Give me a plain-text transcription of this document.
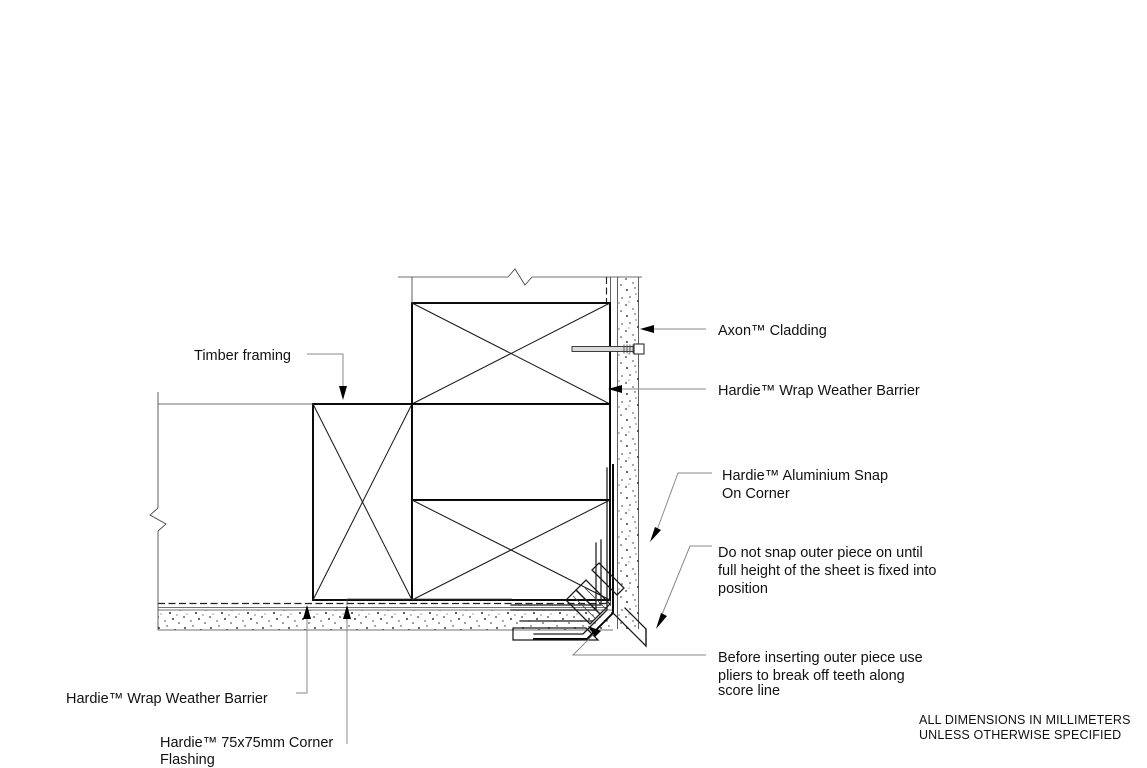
Timber framing
Axon™ Cladding
Hardie™ Wrap Weather Barrier
Hardie™ Aluminium Snap
On Corner
Do not snap outer piece on until
full height of the sheet is fixed into
position
Before inserting outer piece use
pliers to break off teeth along
score line
Hardie™ Wrap Weather Barrier
Hardie™ 75x75mm Corner
Flashing
ALL DIMENSIONS IN MILLIMETERS
UNLESS OTHERWISE SPECIFIED
